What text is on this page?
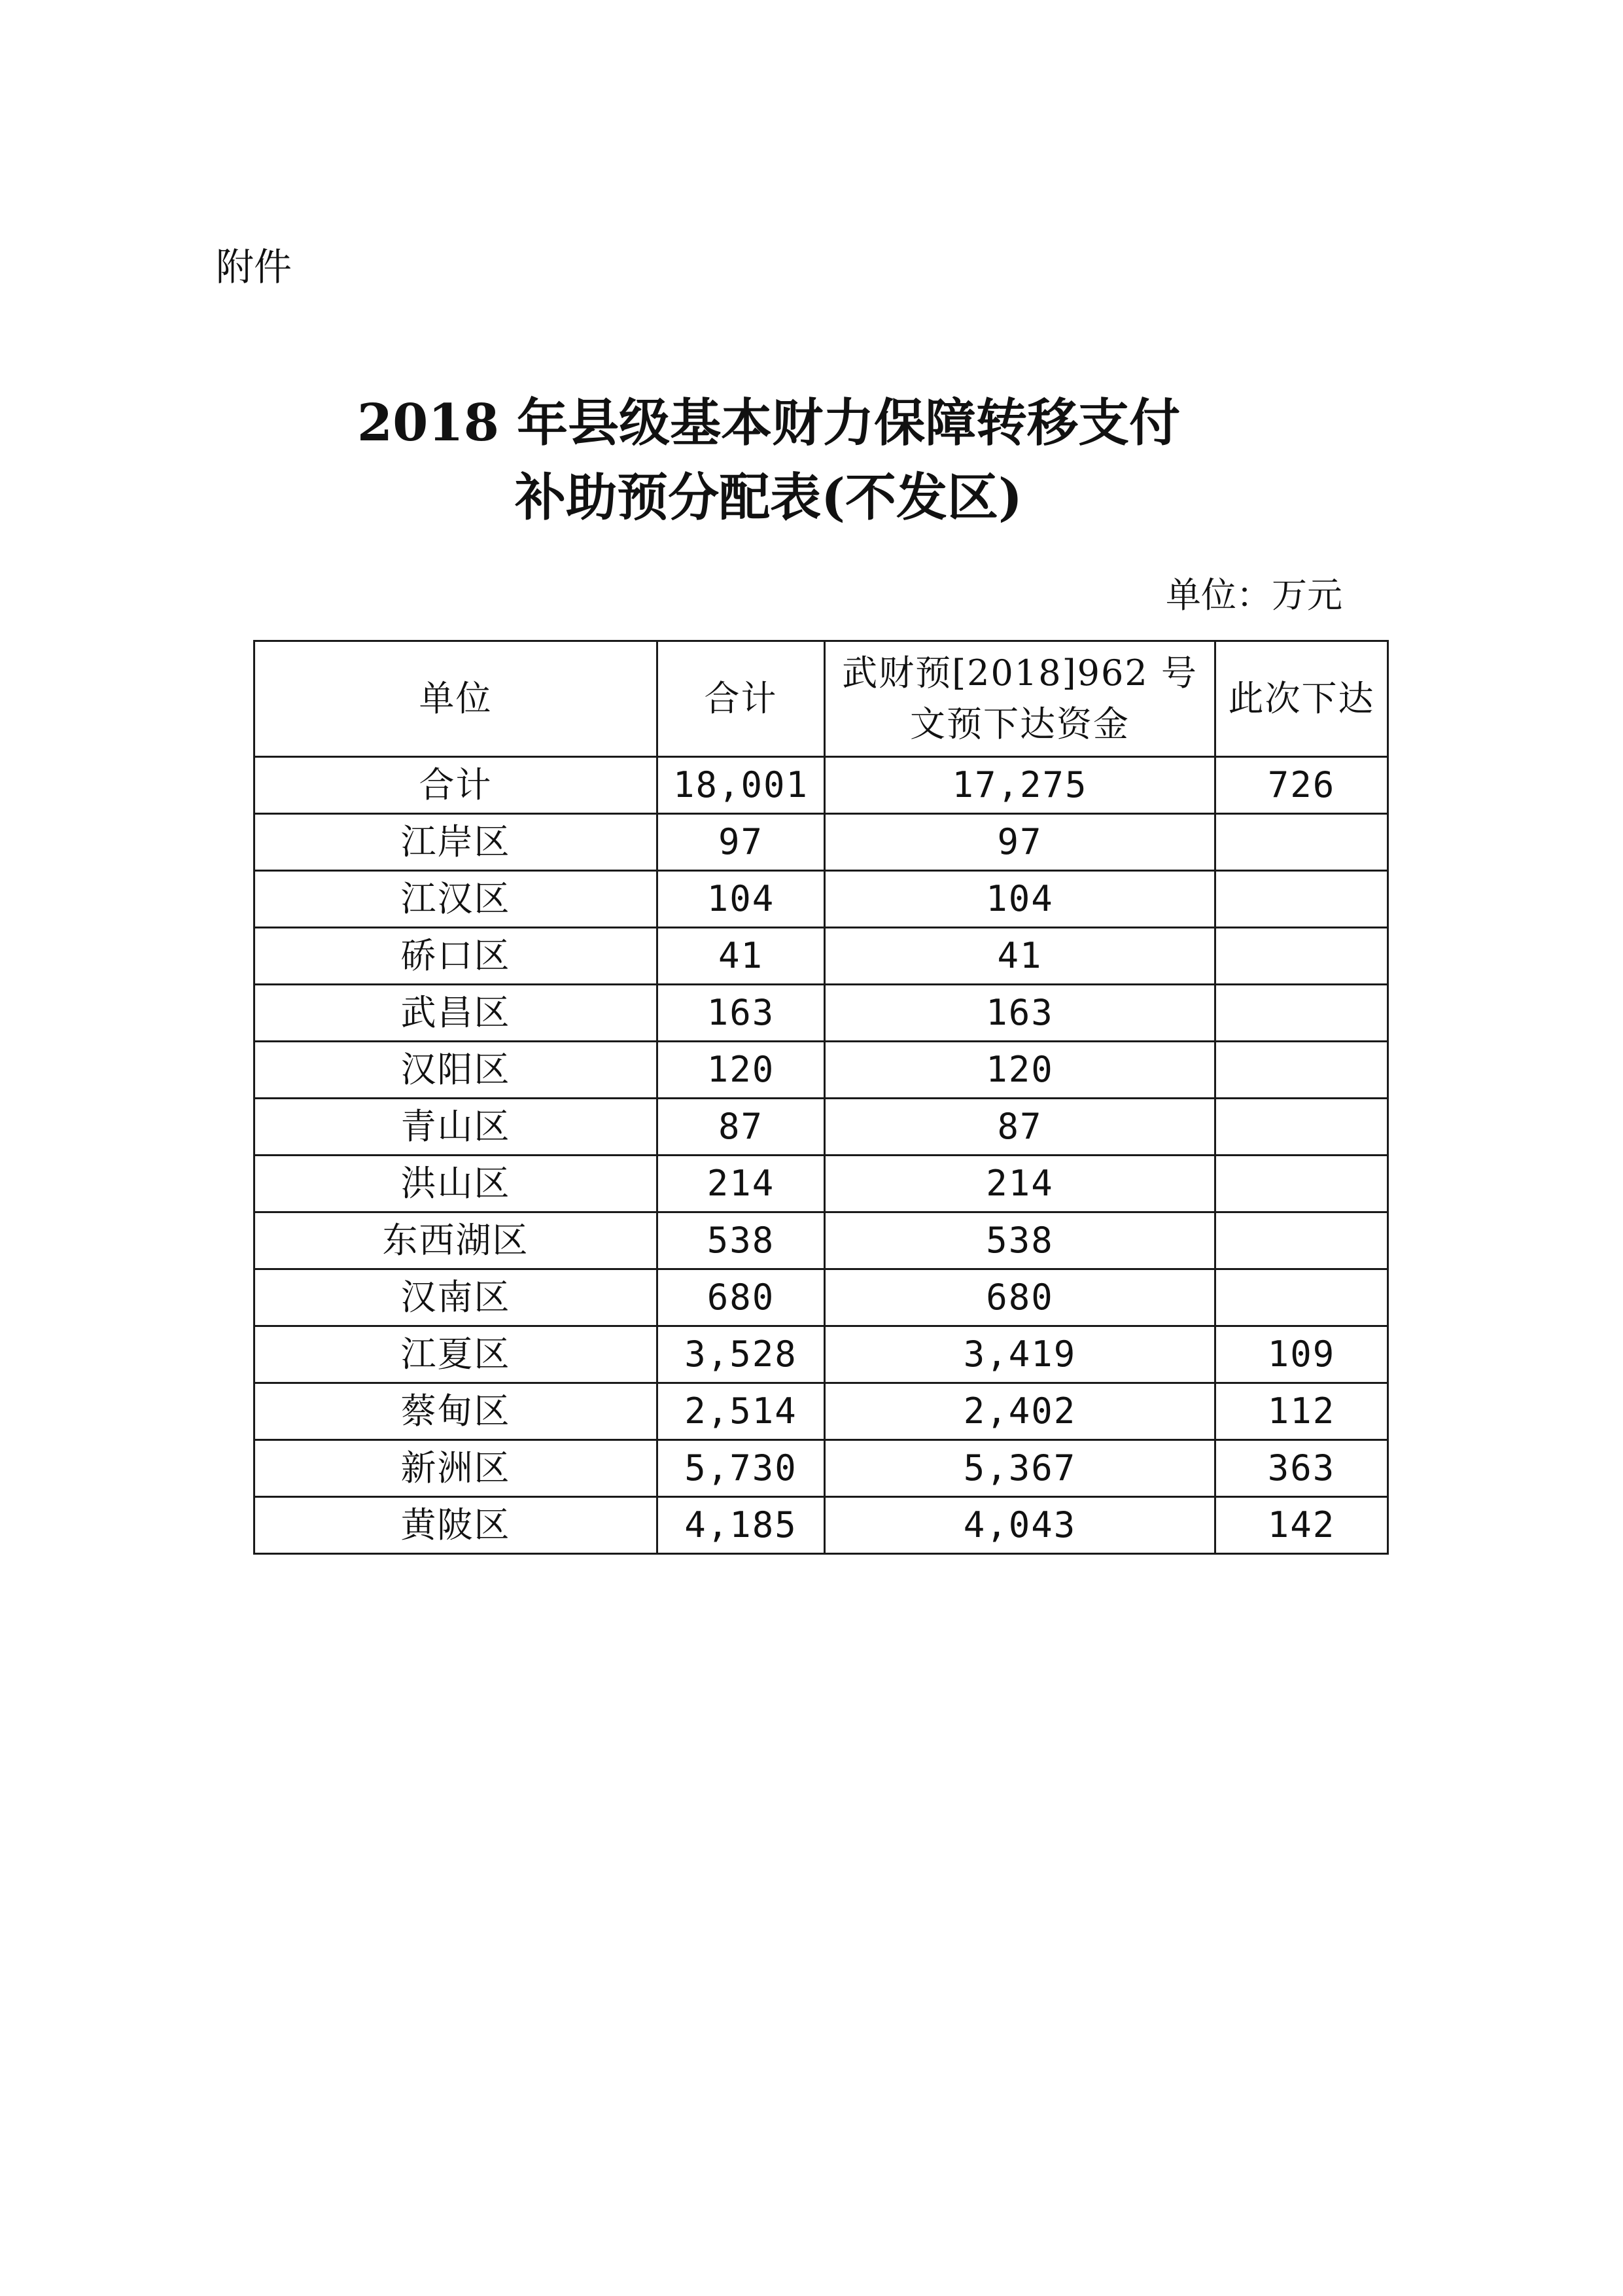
附件

2018 年县级基本财力保障转移支付
补助预分配表(不发区)
单位：万元
单位	合计	武财预[2018]962 号文预下达资金	此次下达
合计	18,001	17,275	726
江岸区	97	97	
江汉区	104	104	
硚口区	41	41	
武昌区	163	163	
汉阳区	120	120	
青山区	87	87	
洪山区	214	214	
东西湖区	538	538	
汉南区	680	680	
江夏区	3,528	3,419	109
蔡甸区	2,514	2,402	112
新洲区	5,730	5,367	363
黄陂区	4,185	4,043	142
